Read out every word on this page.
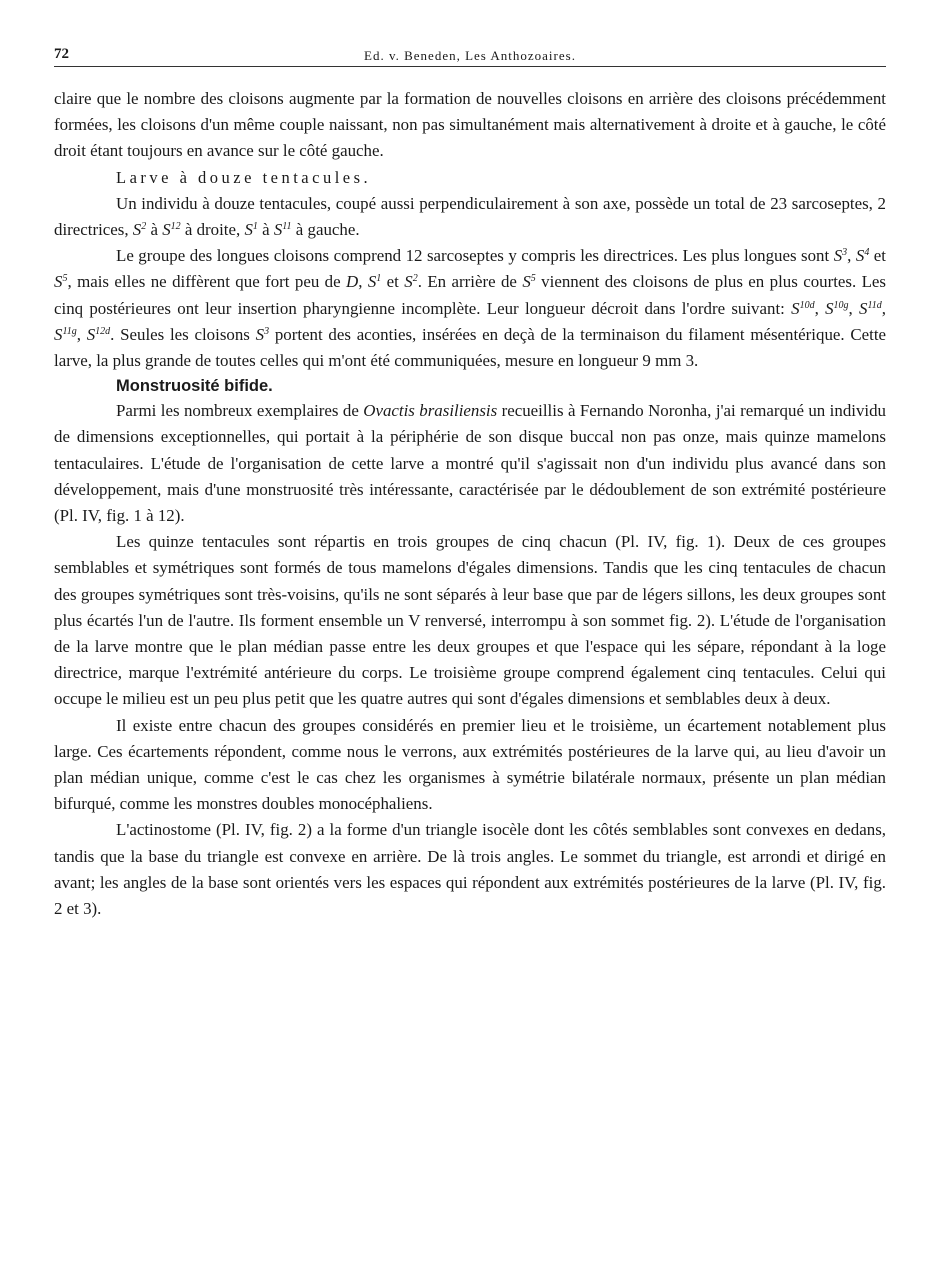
72	Ed. v. Beneden, Les Anthozoaires.

claire que le nombre des cloisons augmente par la formation de nouvelles cloisons en arrière des cloisons précédemment formées, les cloisons d'un même couple naissant, non pas simultanément mais alternativement à droite et à gauche, le côté droit étant toujours en avance sur le côté gauche.

Larve à douze tentacules.

Un individu à douze tentacules, coupé aussi perpendiculairement à son axe, possède un total de 23 sarcoseptes, 2 directrices, $S^2$ à $S^{12}$ à droite, $S^1$ à $S^{11}$ à gauche.

Le groupe des longues cloisons comprend 12 sarcoseptes y compris les directrices. Les plus longues sont $S^3$, $S^4$ et $S^5$, mais elles ne diffèrent que fort peu de D, $S^1$ et $S^2$. En arrière de $S^5$ viennent des cloisons de plus en plus courtes. Les cinq postérieures ont leur insertion pharyngienne incomplète. Leur longueur décroit dans l'ordre suivant: $S^{10d}$, $S^{10g}$, $S^{11d}$, $S^{11g}$, $S^{12d}$. Seules les cloisons $S^3$ portent des aconties, insérées en deçà de la terminaison du filament mésentérique. Cette larve, la plus grande de toutes celles qui m'ont été communiquées, mesure en longueur 9 mm 3.

Monstruosité bifide.

Parmi les nombreux exemplaires de Ovactis brasiliensis recueillis à Fernando Noronha, j'ai remarqué un individu de dimensions exceptionnelles, qui portait à la périphérie de son disque buccal non pas onze, mais quinze mamelons tentaculaires. L'étude de l'organisation de cette larve a montré qu'il s'agissait non d'un individu plus avancé dans son développement, mais d'une monstruosité très intéressante, caractérisée par le dédoublement de son extrémité postérieure (Pl. IV, fig. 1 à 12).

Les quinze tentacules sont répartis en trois groupes de cinq chacun (Pl. IV, fig. 1). Deux de ces groupes semblables et symétriques sont formés de tous mamelons d'égales dimensions. Tandis que les cinq tentacules de chacun des groupes symétriques sont très-voisins, qu'ils ne sont séparés à leur base que par de légers sillons, les deux groupes sont plus écartés l'un de l'autre. Ils forment ensemble un V renversé, interrompu à son sommet fig. 2). L'étude de l'organisation de la larve montre que le plan médian passe entre les deux groupes et que l'espace qui les sépare, répondant à la loge directrice, marque l'extrémité antérieure du corps. Le troisième groupe comprend également cinq tentacules. Celui qui occupe le milieu est un peu plus petit que les quatre autres qui sont d'égales dimensions et semblables deux à deux.

Il existe entre chacun des groupes considérés en premier lieu et le troisième, un écartement notablement plus large. Ces écartements répondent, comme nous le verrons, aux extrémités postérieures de la larve qui, au lieu d'avoir un plan médian unique, comme c'est le cas chez les organismes à symétrie bilatérale normaux, présente un plan médian bifurqué, comme les monstres doubles monocéphaliens.

L'actinostome (Pl. IV, fig. 2) a la forme d'un triangle isocèle dont les côtés semblables sont convexes en dedans, tandis que la base du triangle est convexe en arrière. De là trois angles. Le sommet du triangle, est arrondi et dirigé en avant; les angles de la base sont orientés vers les espaces qui répondent aux extrémités postérieures de la larve (Pl. IV, fig. 2 et 3).
